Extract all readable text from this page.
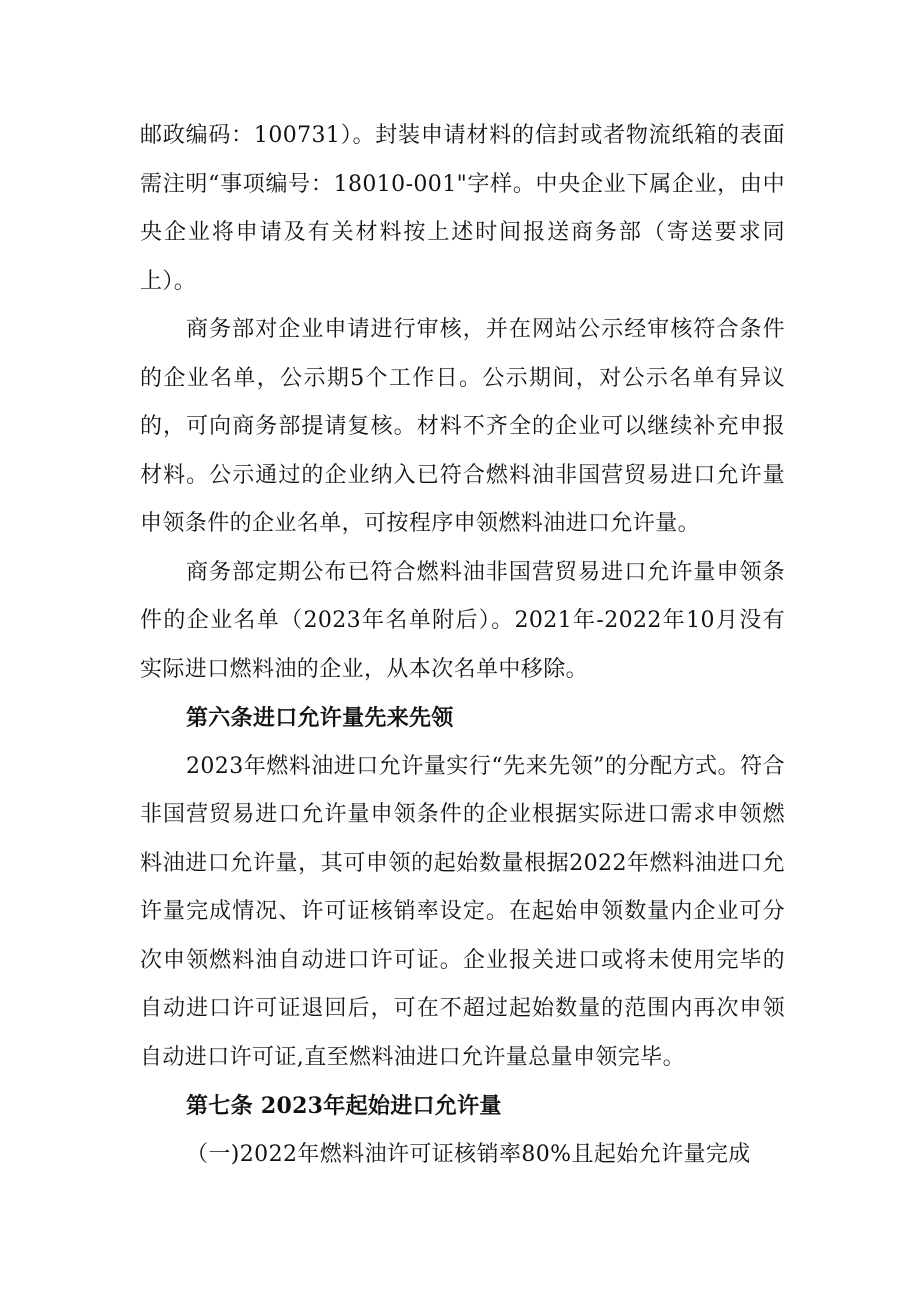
邮政编码：100731）。封装申请材料的信封或者物流纸箱的表面需注明“事项编号：18010-001"字样。中央企业下属企业，由中央企业将申请及有关材料按上述时间报送商务部（寄送要求同上）。

商务部对企业申请进行审核，并在网站公示经审核符合条件的企业名单，公示期5个工作日。公示期间，对公示名单有异议的，可向商务部提请复核。材料不齐全的企业可以继续补充申报材料。公示通过的企业纳入已符合燃料油非国营贸易进口允许量申领条件的企业名单，可按程序申领燃料油进口允许量。

商务部定期公布已符合燃料油非国营贸易进口允许量申领条件的企业名单（2023年名单附后）。2021年-2022年10月没有实际进口燃料油的企业，从本次名单中移除。

第六条进口允许量先来先领

2023年燃料油进口允许量实行“先来先领”的分配方式。符合非国营贸易进口允许量申领条件的企业根据实际进口需求申领燃料油进口允许量，其可申领的起始数量根据2022年燃料油进口允许量完成情况、许可证核销率设定。在起始申领数量内企业可分次申领燃料油自动进口许可证。企业报关进口或将未使用完毕的自动进口许可证退回后，可在不超过起始数量的范围内再次申领自动进口许可证,直至燃料油进口允许量总量申领完毕。

第七条 2023年起始进口允许量

（一)2022年燃料油许可证核销率80%且起始允许量完成
